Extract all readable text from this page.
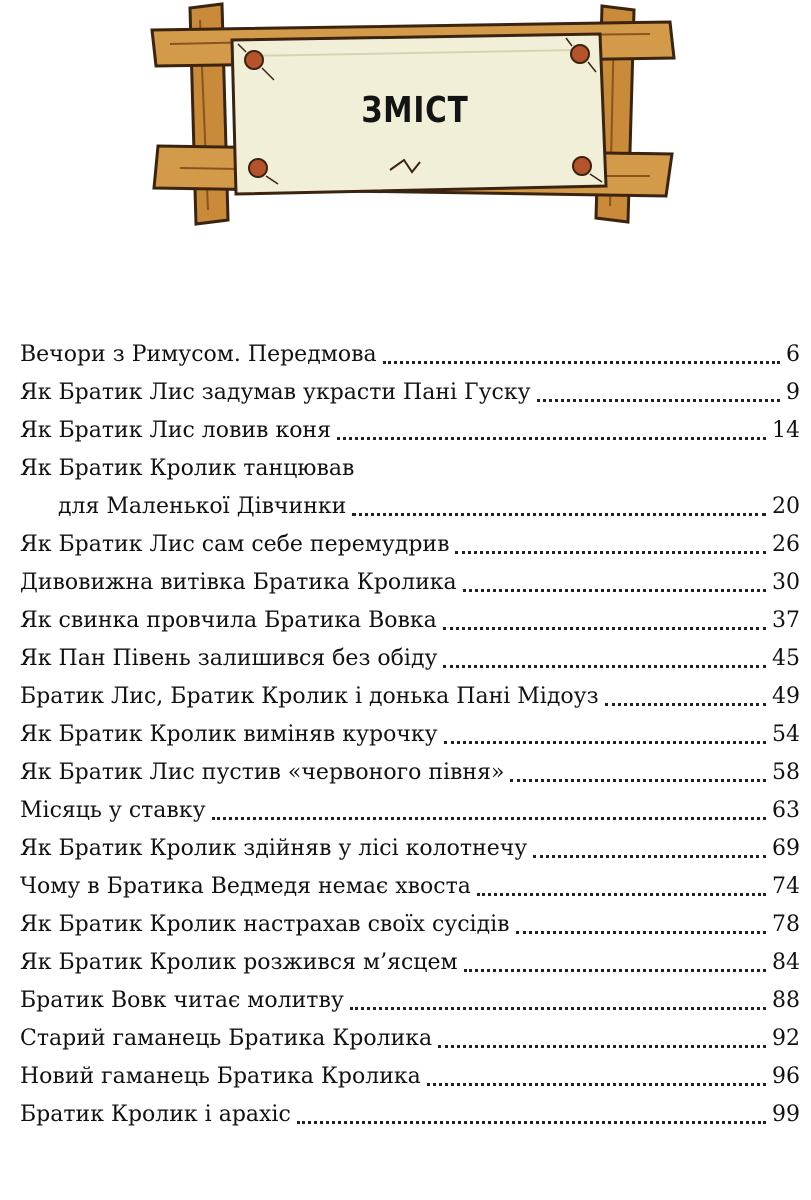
ЗМІСТ
Вечори з Римусом. Передмова	6
Як Братик Лис задумав украсти Пані Гуску	9
Як Братик Лис ловив коня	14
Як Братик Кролик танцював
для Маленької Дівчинки	20
Як Братик Лис сам себе перемудрив	26
Дивовижна витівка Братика Кролика	30
Як свинка провчила Братика Вовка	37
Як Пан Півень залишився без обіду	45
Братик Лис, Братик Кролик і донька Пані Мідоуз	49
Як Братик Кролик виміняв курочку	54
Як Братик Лис пустив «червоного півня»	58
Місяць у ставку	63
Як Братик Кролик здійняв у лісі колотнечу	69
Чому в Братика Ведмедя немає хвоста	74
Як Братик Кролик настрахав своїх сусідів	78
Як Братик Кролик розжився м’ясцем	84
Братик Вовк читає молитву	88
Старий гаманець Братика Кролика	92
Новий гаманець Братика Кролика	96
Братик Кролик і арахіс	99
